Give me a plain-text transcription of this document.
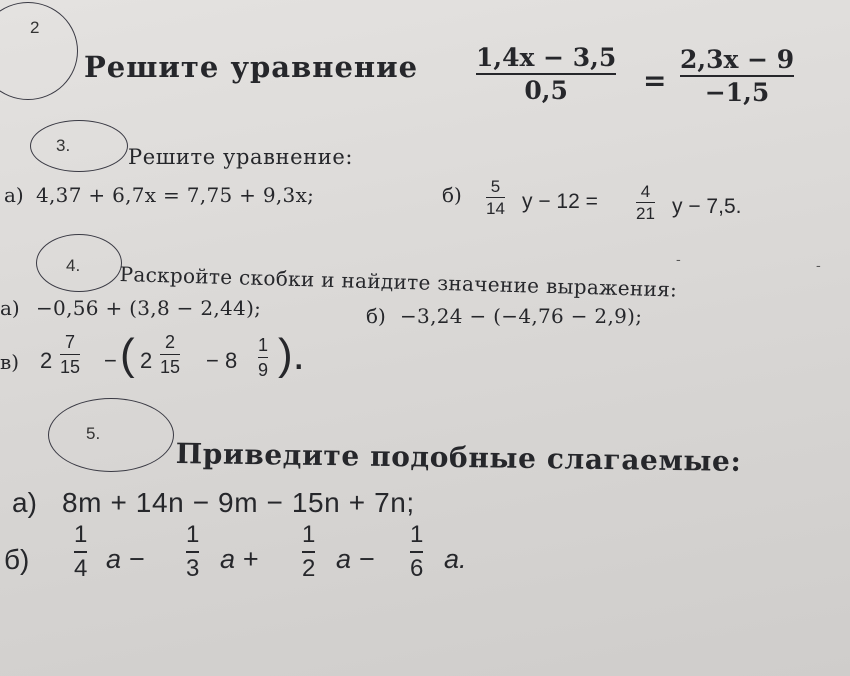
2
Решите уравнение 1,4x − 3,5
0,5	=
2,3x − 9
−1,5
3.	Решите уравнение:
а) 4,37 + 6,7x = 7,75 + 9,3x;	б) 5
14 y − 12 =	4
21 y − 7,5.
4. Раскройте скобки и найдите значение выражения:
-	-
а) −0,56 + (3,8 − 2,44);	б) −3,24 − (−4,76 − 2,9);
в) 2
7
15 − ( 2
2
15 − 8
1
9 ).
5.
Приведите подобные слагаемые:
а) 8m + 14n − 9m − 15n + 7n;
б)
1
4 a −
1
3 a +
1
2 a −
1
6 a.
